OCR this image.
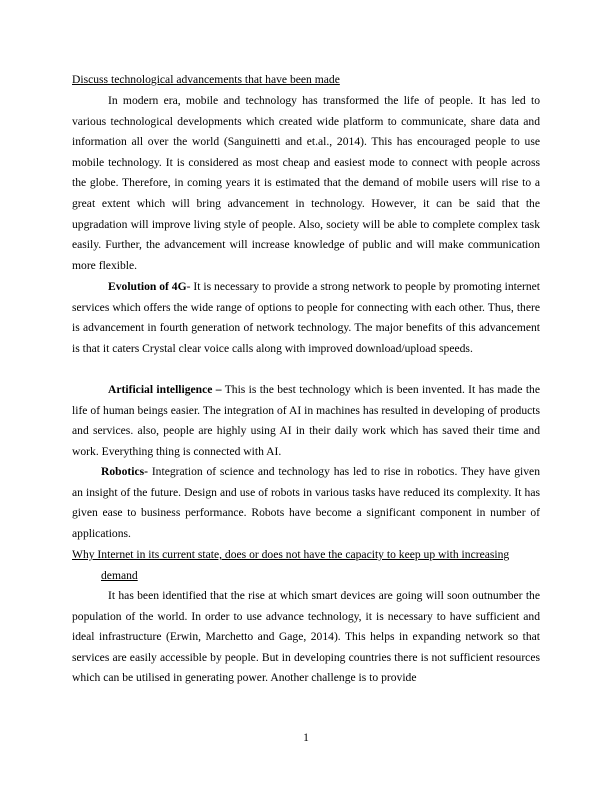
Discuss technological advancements that have been made

In modern era, mobile and technology has transformed the life of people. It has led to various technological developments which created wide platform to communicate, share data and information all over the world (Sanguinetti and et.al., 2014). This has encouraged people to use mobile technology. It is considered as most cheap and easiest mode to connect with people across the globe. Therefore, in coming years it is estimated that the demand of mobile users will rise to a great extent which will bring advancement in technology. However, it can be said that the upgradation will improve living style of people. Also, society will be able to complete complex task easily. Further, the advancement will increase knowledge of public and will make communication more flexible.

Evolution of 4G- It is necessary to provide a strong network to people by promoting internet services which offers the wide range of options to people for connecting with each other. Thus, there is advancement in fourth generation of network technology. The major benefits of this advancement is that it caters Crystal clear voice calls along with improved download/upload speeds.

Artificial intelligence – This is the best technology which is been invented. It has made the life of human beings easier. The integration of AI in machines has resulted in developing of products and services. also, people are highly using AI in their daily work which has saved their time and work. Everything thing is connected with AI.

Robotics- Integration of science and technology has led to rise in robotics. They have given an insight of the future. Design and use of robots in various tasks have reduced its complexity. It has given ease to business performance. Robots have become a significant component in number of applications.

Why Internet in its current state, does or does not have the capacity to keep up with increasing
demand

It has been identified that the rise at which smart devices are going will soon outnumber the population of the world. In order to use advance technology, it is necessary to have sufficient and ideal infrastructure (Erwin, Marchetto and Gage, 2014). This helps in expanding network so that services are easily accessible by people. But in developing countries there is not sufficient resources which can be utilised in generating power. Another challenge is to provide

1
